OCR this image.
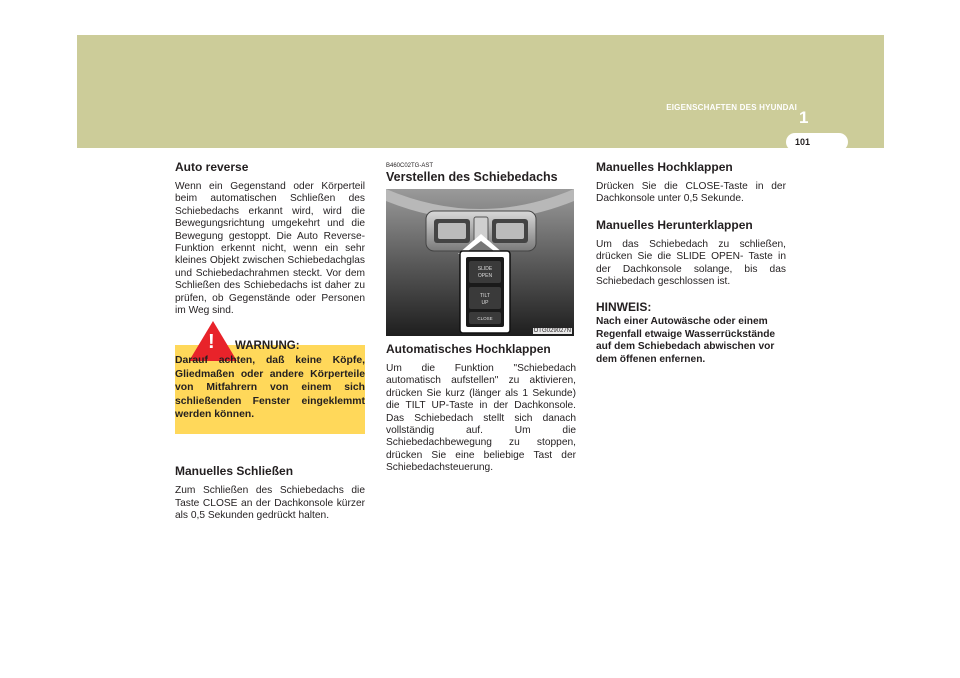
EIGENSCHAFTEN DES HYUNDAI
1
101
Auto reverse

Wenn ein Gegenstand oder Körperteil beim automatischen Schließen des Schiebedachs erkannt wird, wird die Bewegungsrichtung umgekehrt und die Bewegung gestoppt. Die Auto Reverse-Funktion erkennt nicht, wenn ein sehr kleines Objekt zwischen Schiebedachglas und Schiebedachrahmen steckt. Vor dem Schließen des Schiebedachs ist daher zu prüfen, ob Gegenstände oder Personen im Weg sind.

! WARNUNG:
Darauf achten, daß keine Köpfe, Gliedmaßen oder andere Körperteile von Mitfahrern von einem sich schließenden Fenster eingeklemmt werden können.
Manuelles Schließen

Zum Schließen des Schiebedachs die Taste CLOSE an der Dachkonsole kürzer als 0,5 Sekunden gedrückt halten.

B460C02TG-AST
Verstellen des Schiebedachs
SLIDE
OPEN
TILT
UP
CLOSE
OTG029027N
Automatisches Hochklappen

Um die Funktion "Schiebedach automatisch aufstellen" zu aktivieren, drücken Sie kurz (länger als 1 Sekunde) die TILT UP-Taste in der Dachkonsole. Das Schiebedach stellt sich danach vollständig auf. Um die Schiebedachbewegung zu stoppen, drücken Sie eine beliebige Tast der Schiebedachsteuerung.

Manuelles Hochklappen

Drücken Sie die CLOSE-Taste in der Dachkonsole unter 0,5 Sekunde.

Manuelles Herunterklappen

Um das Schiebedach zu schließen, drücken Sie die SLIDE OPEN- Taste in der Dachkonsole solange, bis das Schiebedach geschlossen ist.

HINWEIS:
Nach einer Autowäsche oder einem Regenfall etwaige Wasserrückstände auf dem Schiebedach abwischen vor dem öffenen enfernen.
